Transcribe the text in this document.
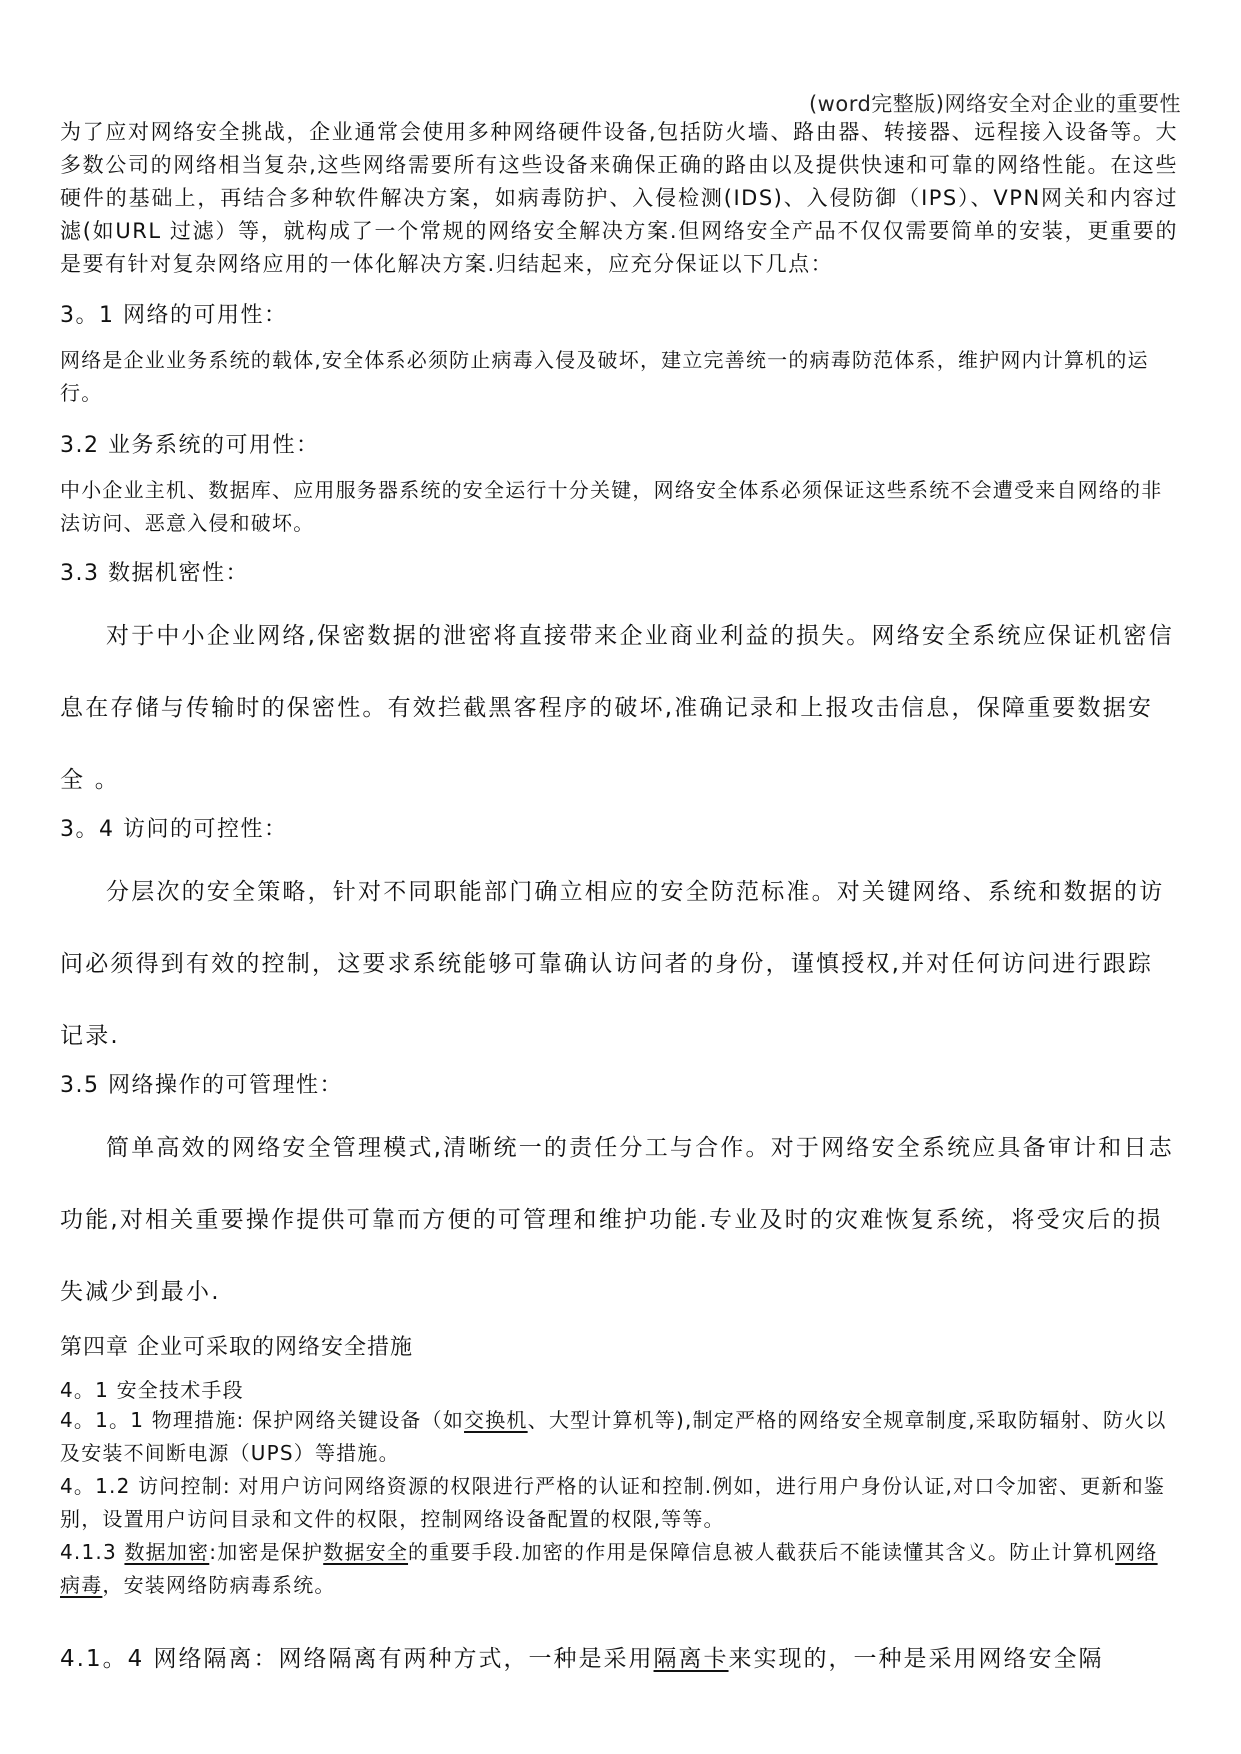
(word完整版)网络安全对企业的重要性

为了应对网络安全挑战，企业通常会使用多种网络硬件设备,包括防火墙、路由器、转接器、远程接入设备等。大多数公司的网络相当复杂,这些网络需要所有这些设备来确保正确的路由以及提供快速和可靠的网络性能。在这些硬件的基础上，再结合多种软件解决方案，如病毒防护、入侵检测(IDS)、入侵防御（IPS）、VPN网关和内容过滤(如URL 过滤）等，就构成了一个常规的网络安全解决方案.但网络安全产品不仅仅需要简单的安装，更重要的是要有针对复杂网络应用的一体化解决方案.归结起来，应充分保证以下几点：

3。1 网络的可用性：

网络是企业业务系统的载体,安全体系必须防止病毒入侵及破坏，建立完善统一的病毒防范体系，维护网内计算机的运行。

3.2 业务系统的可用性：

中小企业主机、数据库、应用服务器系统的安全运行十分关键，网络安全体系必须保证这些系统不会遭受来自网络的非法访问、恶意入侵和破坏。

3.3 数据机密性：

对于中小企业网络,保密数据的泄密将直接带来企业商业利益的损失。网络安全系统应保证机密信息在存储与传输时的保密性。有效拦截黑客程序的破坏,准确记录和上报攻击信息，保障重要数据安全 。

3。4 访问的可控性：

分层次的安全策略，针对不同职能部门确立相应的安全防范标准。对关键网络、系统和数据的访问必须得到有效的控制，这要求系统能够可靠确认访问者的身份，谨慎授权,并对任何访问进行跟踪记录.

3.5 网络操作的可管理性：

简单高效的网络安全管理模式,清晰统一的责任分工与合作。对于网络安全系统应具备审计和日志功能,对相关重要操作提供可靠而方便的可管理和维护功能.专业及时的灾难恢复系统，将受灾后的损失减少到最小.

第四章 企业可采取的网络安全措施

4。1 安全技术手段

4。1。1 物理措施: 保护网络关键设备（如交换机、大型计算机等),制定严格的网络安全规章制度,采取防辐射、防火以及安装不间断电源（UPS）等措施。

4。1.2 访问控制: 对用户访问网络资源的权限进行严格的认证和控制.例如，进行用户身份认证,对口令加密、更新和鉴别，设置用户访问目录和文件的权限，控制网络设备配置的权限,等等。

4.1.3 数据加密:加密是保护数据安全的重要手段.加密的作用是保障信息被人截获后不能读懂其含义。防止计算机网络病毒，安装网络防病毒系统。

4.1。4 网络隔离：网络隔离有两种方式，一种是采用隔离卡来实现的，一种是采用网络安全隔
